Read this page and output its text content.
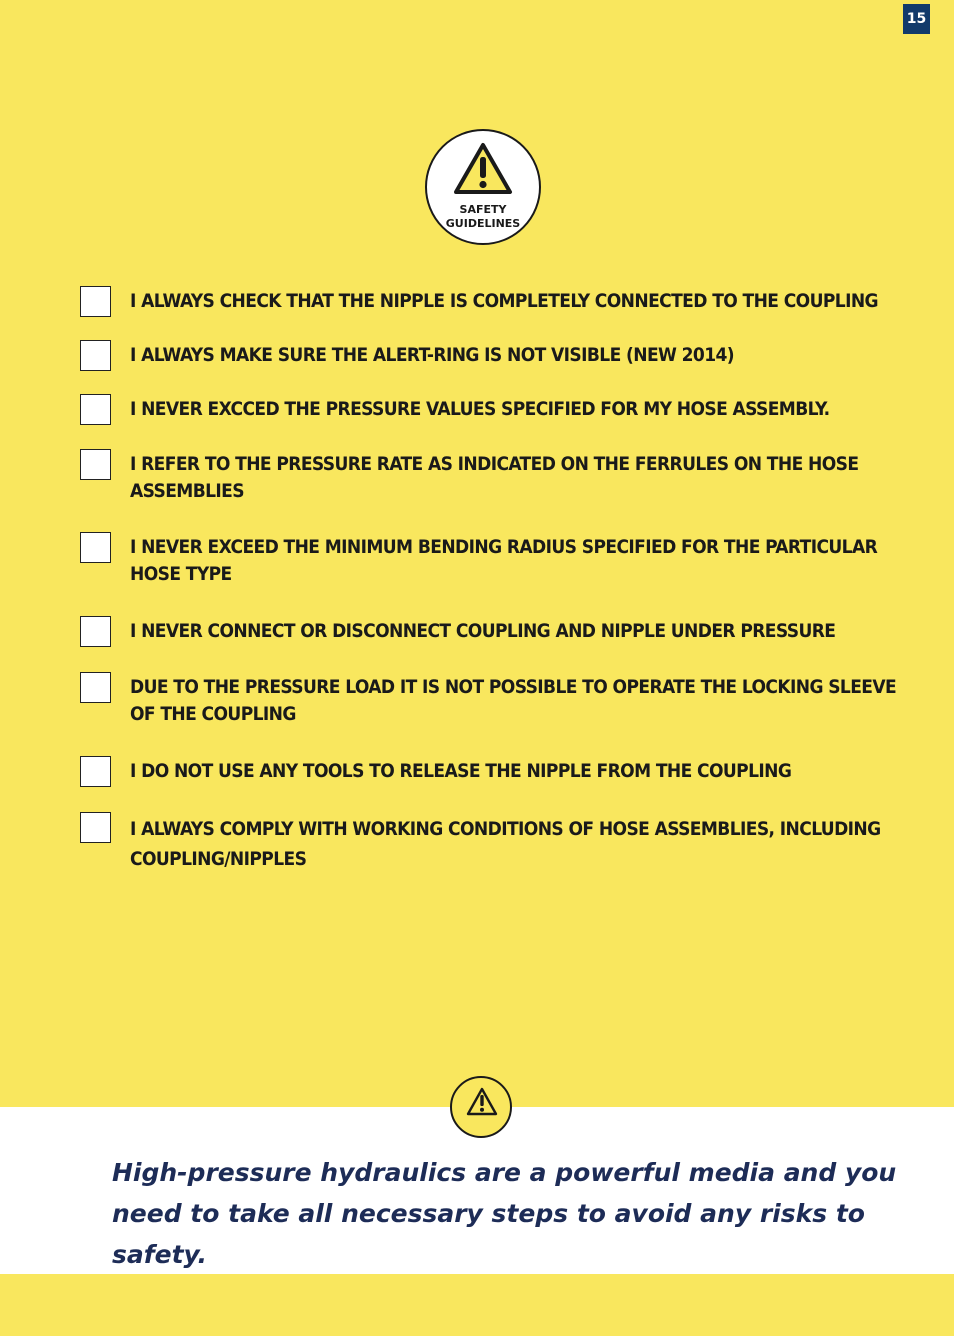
15
SAFETY
GUIDELINES
I ALWAYS CHECK THAT THE NIPPLE IS COMPLETELY CONNECTED TO THE COUPLING
I ALWAYS MAKE SURE THE ALERT-RING IS NOT VISIBLE (NEW 2014)
I NEVER EXCCED THE PRESSURE VALUES SPECIFIED FOR MY HOSE ASSEMBLY.
I REFER TO THE PRESSURE RATE AS INDICATED ON THE FERRULES ON THE HOSE ASSEMBLIES
I NEVER EXCEED THE MINIMUM BENDING RADIUS SPECIFIED FOR THE PARTICULAR HOSE TYPE
I NEVER CONNECT OR DISCONNECT COUPLING AND NIPPLE UNDER PRESSURE
DUE TO THE PRESSURE LOAD IT IS NOT POSSIBLE TO OPERATE THE LOCKING SLEEVE OF THE COUPLING
I DO NOT USE ANY TOOLS TO RELEASE THE NIPPLE FROM THE COUPLING
I ALWAYS COMPLY WITH WORKING CONDITIONS OF HOSE ASSEMBLIES, INCLUDING COUPLING/NIPPLES
High-pressure hydraulics are a powerful media and you
need to take all necessary steps to avoid any risks to safety.
